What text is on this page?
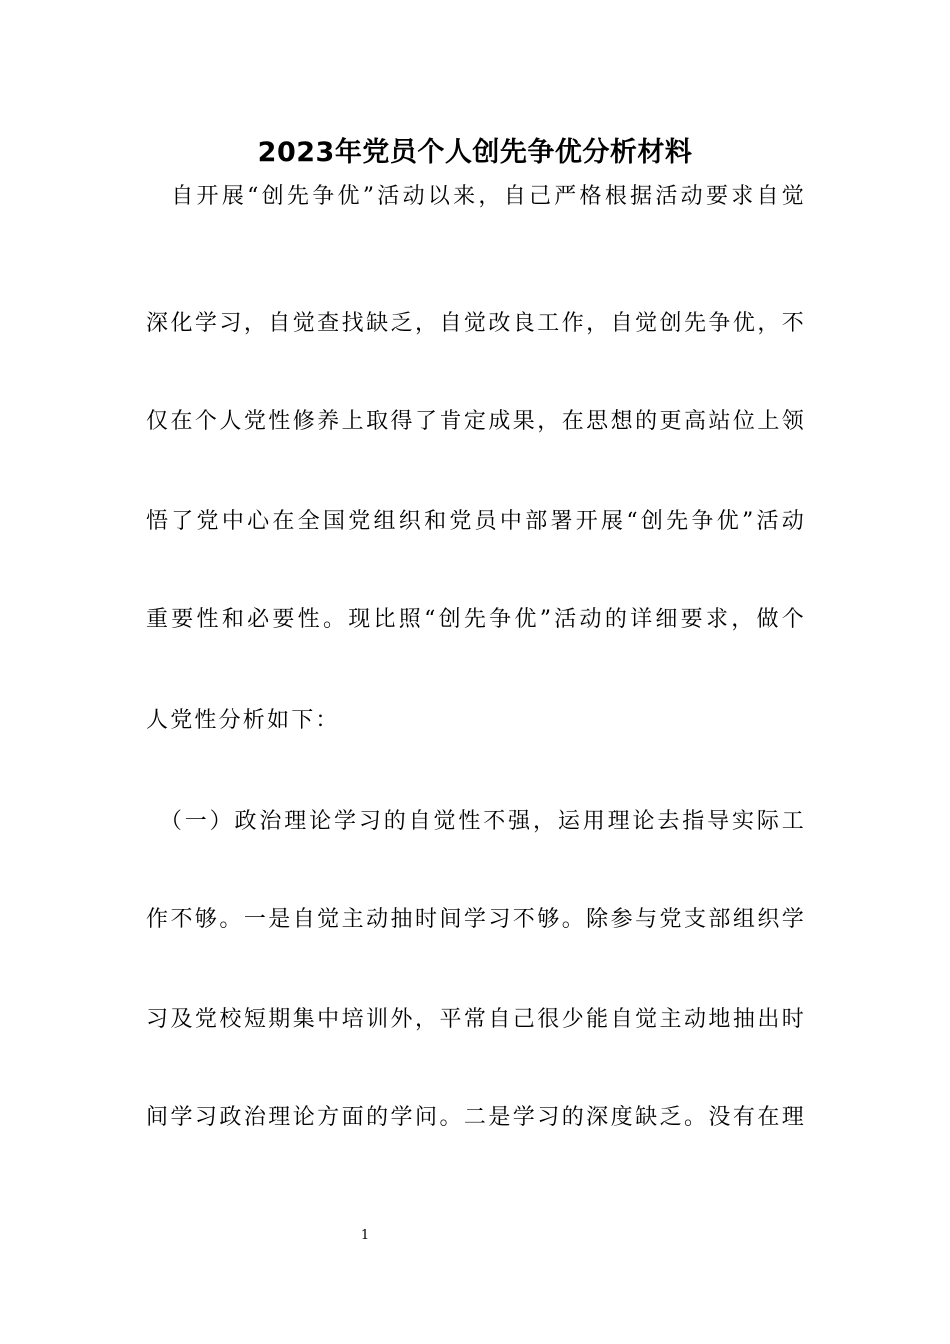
2023年党员个人创先争优分析材料
　自开展“创先争优”活动以来，自己严格根据活动要求自觉
深化学习，自觉查找缺乏，自觉改良工作，自觉创先争优，不
仅在个人党性修养上取得了肯定成果，在思想的更高站位上领
悟了党中心在全国党组织和党员中部署开展“创先争优”活动
重要性和必要性。现比照“创先争优”活动的详细要求，做个
人党性分析如下：
　（一）政治理论学习的自觉性不强，运用理论去指导实际工
作不够。一是自觉主动抽时间学习不够。除参与党支部组织学
习及党校短期集中培训外，平常自己很少能自觉主动地抽出时
间学习政治理论方面的学问。二是学习的深度缺乏。没有在理
1
